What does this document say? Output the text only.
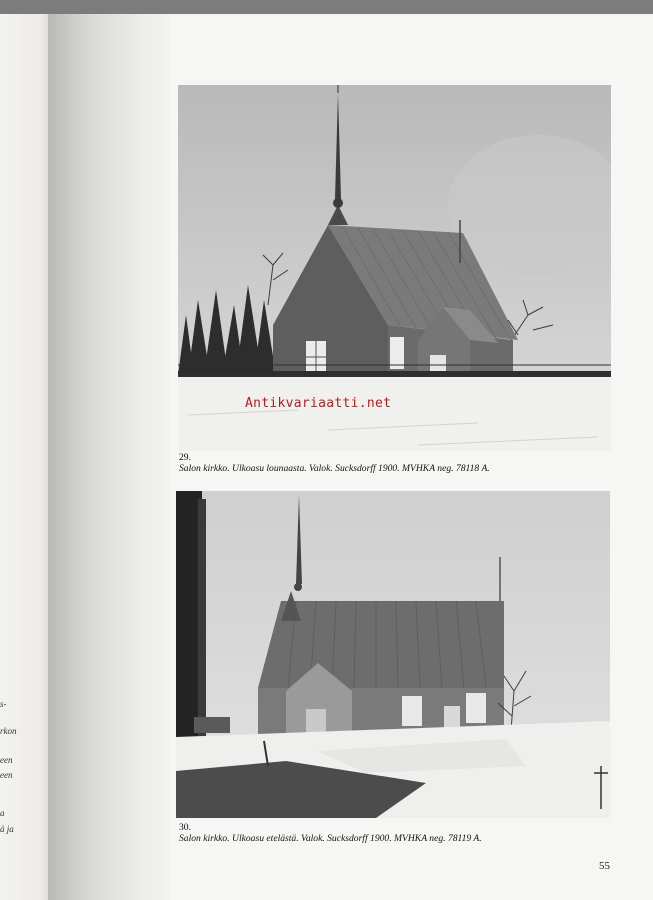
s-
rkon
een
een
a
ä ja
Antikvariaatti.net
29.
Salon kirkko. Ulkoasu lounaasta. Valok. Sucksdorff 1900. MVHKA neg. 78118 A.
30.
Salon kirkko. Ulkoasu etelästä. Valok. Sucksdorff 1900. MVHKA neg. 78119 A.
55
